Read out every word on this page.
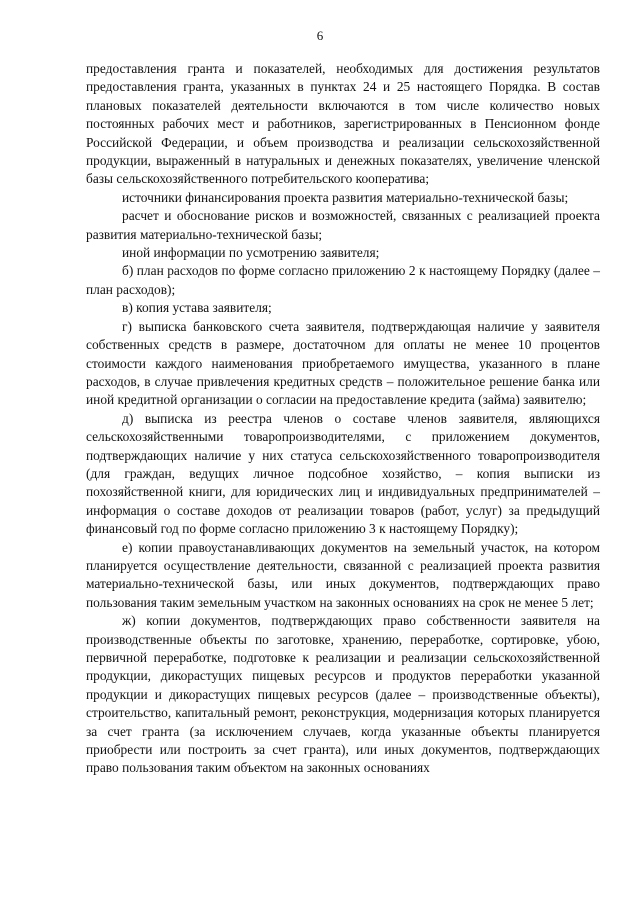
6

предоставления гранта и показателей, необходимых для достижения результатов предоставления гранта, указанных в пунктах 24 и 25 настоящего Порядка. В состав плановых показателей деятельности включаются в том числе количество новых постоянных рабочих мест и работников, зарегистрированных в Пенсионном фонде Российской Федерации, и объем производства и реализации сельскохозяйственной продукции, выраженный в натуральных и денежных показателях, увеличение членской базы сельскохозяйственного потребительского кооператива;

источники финансирования проекта развития материально-технической базы;

расчет и обоснование рисков и возможностей, связанных с реализацией проекта развития материально-технической базы;

иной информации по усмотрению заявителя;

б) план расходов по форме согласно приложению 2 к настоящему Порядку (далее – план расходов);

в) копия устава заявителя;

г) выписка банковского счета заявителя, подтверждающая наличие у заявителя собственных средств в размере, достаточном для оплаты не менее 10 процентов стоимости каждого наименования приобретаемого имущества, указанного в плане расходов, в случае привлечения кредитных средств – положительное решение банка или иной кредитной организации о согласии на предоставление кредита (займа) заявителю;

д) выписка из реестра членов о составе членов заявителя, являющихся сельскохозяйственными товаропроизводителями, с приложением документов, подтверждающих наличие у них статуса сельскохозяйственного товаропроизводителя (для граждан, ведущих личное подсобное хозяйство, – копия выписки из похозяйственной книги, для юридических лиц и индивидуальных предпринимателей – информация о составе доходов от реализации товаров (работ, услуг) за предыдущий финансовый год по форме согласно приложению 3 к настоящему Порядку);

е) копии правоустанавливающих документов на земельный участок, на котором планируется осуществление деятельности, связанной с реализацией проекта развития материально-технической базы, или иных документов, подтверждающих право пользования таким земельным участком на законных основаниях на срок не менее 5 лет;

ж) копии документов, подтверждающих право собственности заявителя на производственные объекты по заготовке, хранению, переработке, сортировке, убою, первичной переработке, подготовке к реализации и реализации сельскохозяйственной продукции, дикорастущих пищевых ресурсов и продуктов переработки указанной продукции и дикорастущих пищевых ресурсов (далее – производственные объекты), строительство, капитальный ремонт, реконструкция, модернизация которых планируется за счет гранта (за исключением случаев, когда указанные объекты планируется приобрести или построить за счет гранта), или иных документов, подтверждающих право пользования таким объектом на законных основаниях
